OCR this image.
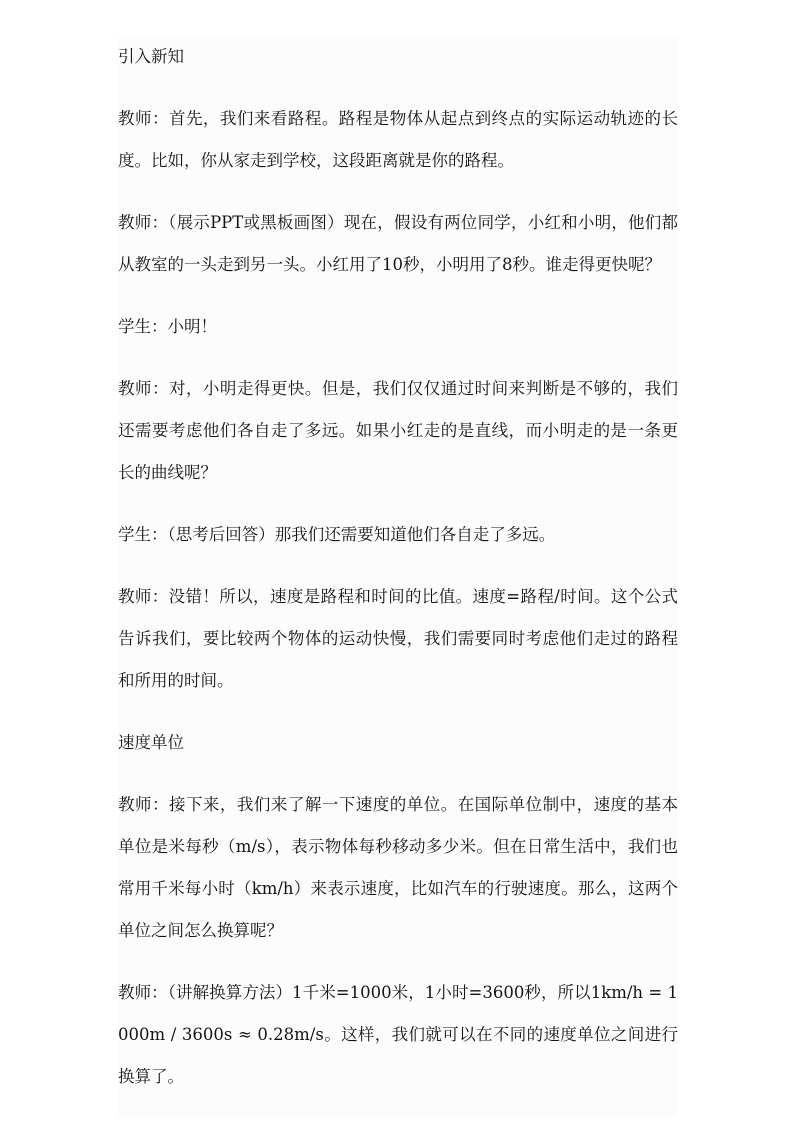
引入新知

教师：首先，我们来看路程。路程是物体从起点到终点的实际运动轨迹的长度。比如，你从家走到学校，这段距离就是你的路程。

教师：（展示PPT或黑板画图）现在，假设有两位同学，小红和小明，他们都从教室的一头走到另一头。小红用了10秒，小明用了8秒。谁走得更快呢？

学生：小明！

教师：对，小明走得更快。但是，我们仅仅通过时间来判断是不够的，我们还需要考虑他们各自走了多远。如果小红走的是直线，而小明走的是一条更长的曲线呢？

学生：（思考后回答）那我们还需要知道他们各自走了多远。

教师：没错！所以，速度是路程和时间的比值。速度=路程/时间。这个公式告诉我们，要比较两个物体的运动快慢，我们需要同时考虑他们走过的路程和所用的时间。

速度单位

教师：接下来，我们来了解一下速度的单位。在国际单位制中，速度的基本单位是米每秒（m/s），表示物体每秒移动多少米。但在日常生活中，我们也常用千米每小时（km/h）来表示速度，比如汽车的行驶速度。那么，这两个单位之间怎么换算呢？

教师：（讲解换算方法）1千米=1000米，1小时=3600秒，所以1km/h = 1000m / 3600s ≈ 0.28m/s。这样，我们就可以在不同的速度单位之间进行换算了。
